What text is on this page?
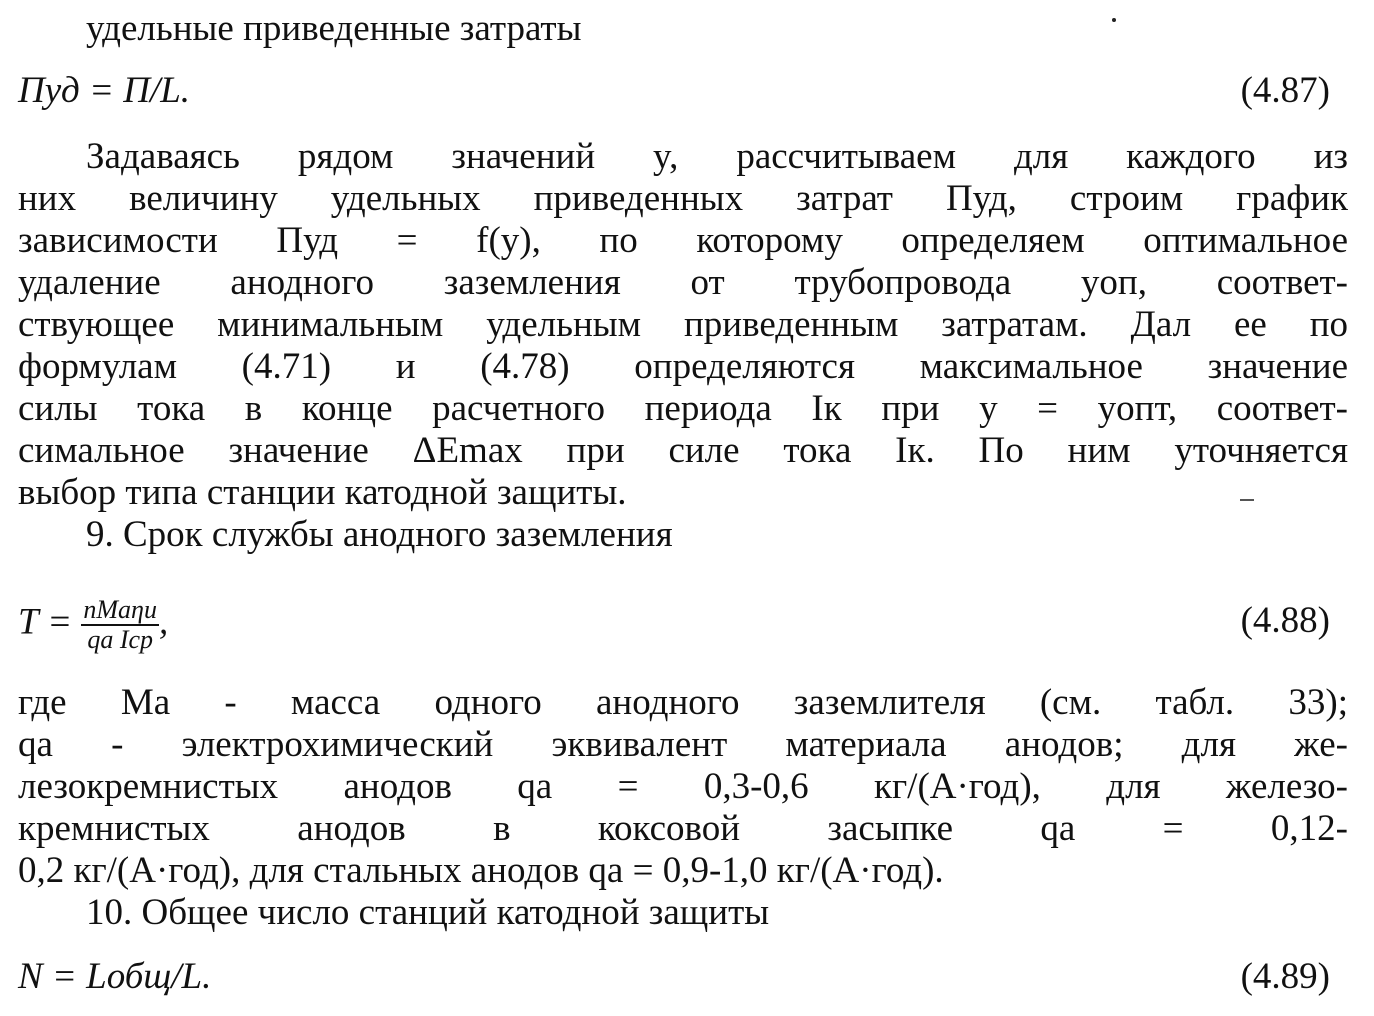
удельные приведенные затраты
Пуд = П/L.	(4.87)
Задаваясь рядом значений y, рассчитываем для каждого из
них величину удельных приведенных затрат Пуд, строим график
зависимости Пуд = f(y), по которому определяем оптимальное
удаление анодного заземления от трубопровода yоп, соответ-
ствующее минимальным удельным приведенным затратам. Дал ее по
формулам (4.71) и (4.78) определяются максимальное значение
силы тока в конце расчетного периода Iк при y = yопт, соответ-
симальное значение ΔEmax при силе тока Iк. По ним уточняется
выбор типа станции катодной защиты.
9. Срок службы анодного заземления
$T = \frac{\text{nMaηи}}{\text{qa Iср}}$ ,	(4.88)
где Ma - масса одного анодного заземлителя (см. табл. 33);
qa - электрохимический эквивалент материала анодов; для же-
лезокремнистых анодов qa = 0,3-0,6 кг/(А·год), для железо-
кремнистых анодов в коксовой засыпке qa = 0,12-
0,2 кг/(А·год), для стальных анодов qa = 0,9-1,0 кг/(А·год).
10. Общее число станций катодной защиты
N = Lобщ/L.	(4.89)
